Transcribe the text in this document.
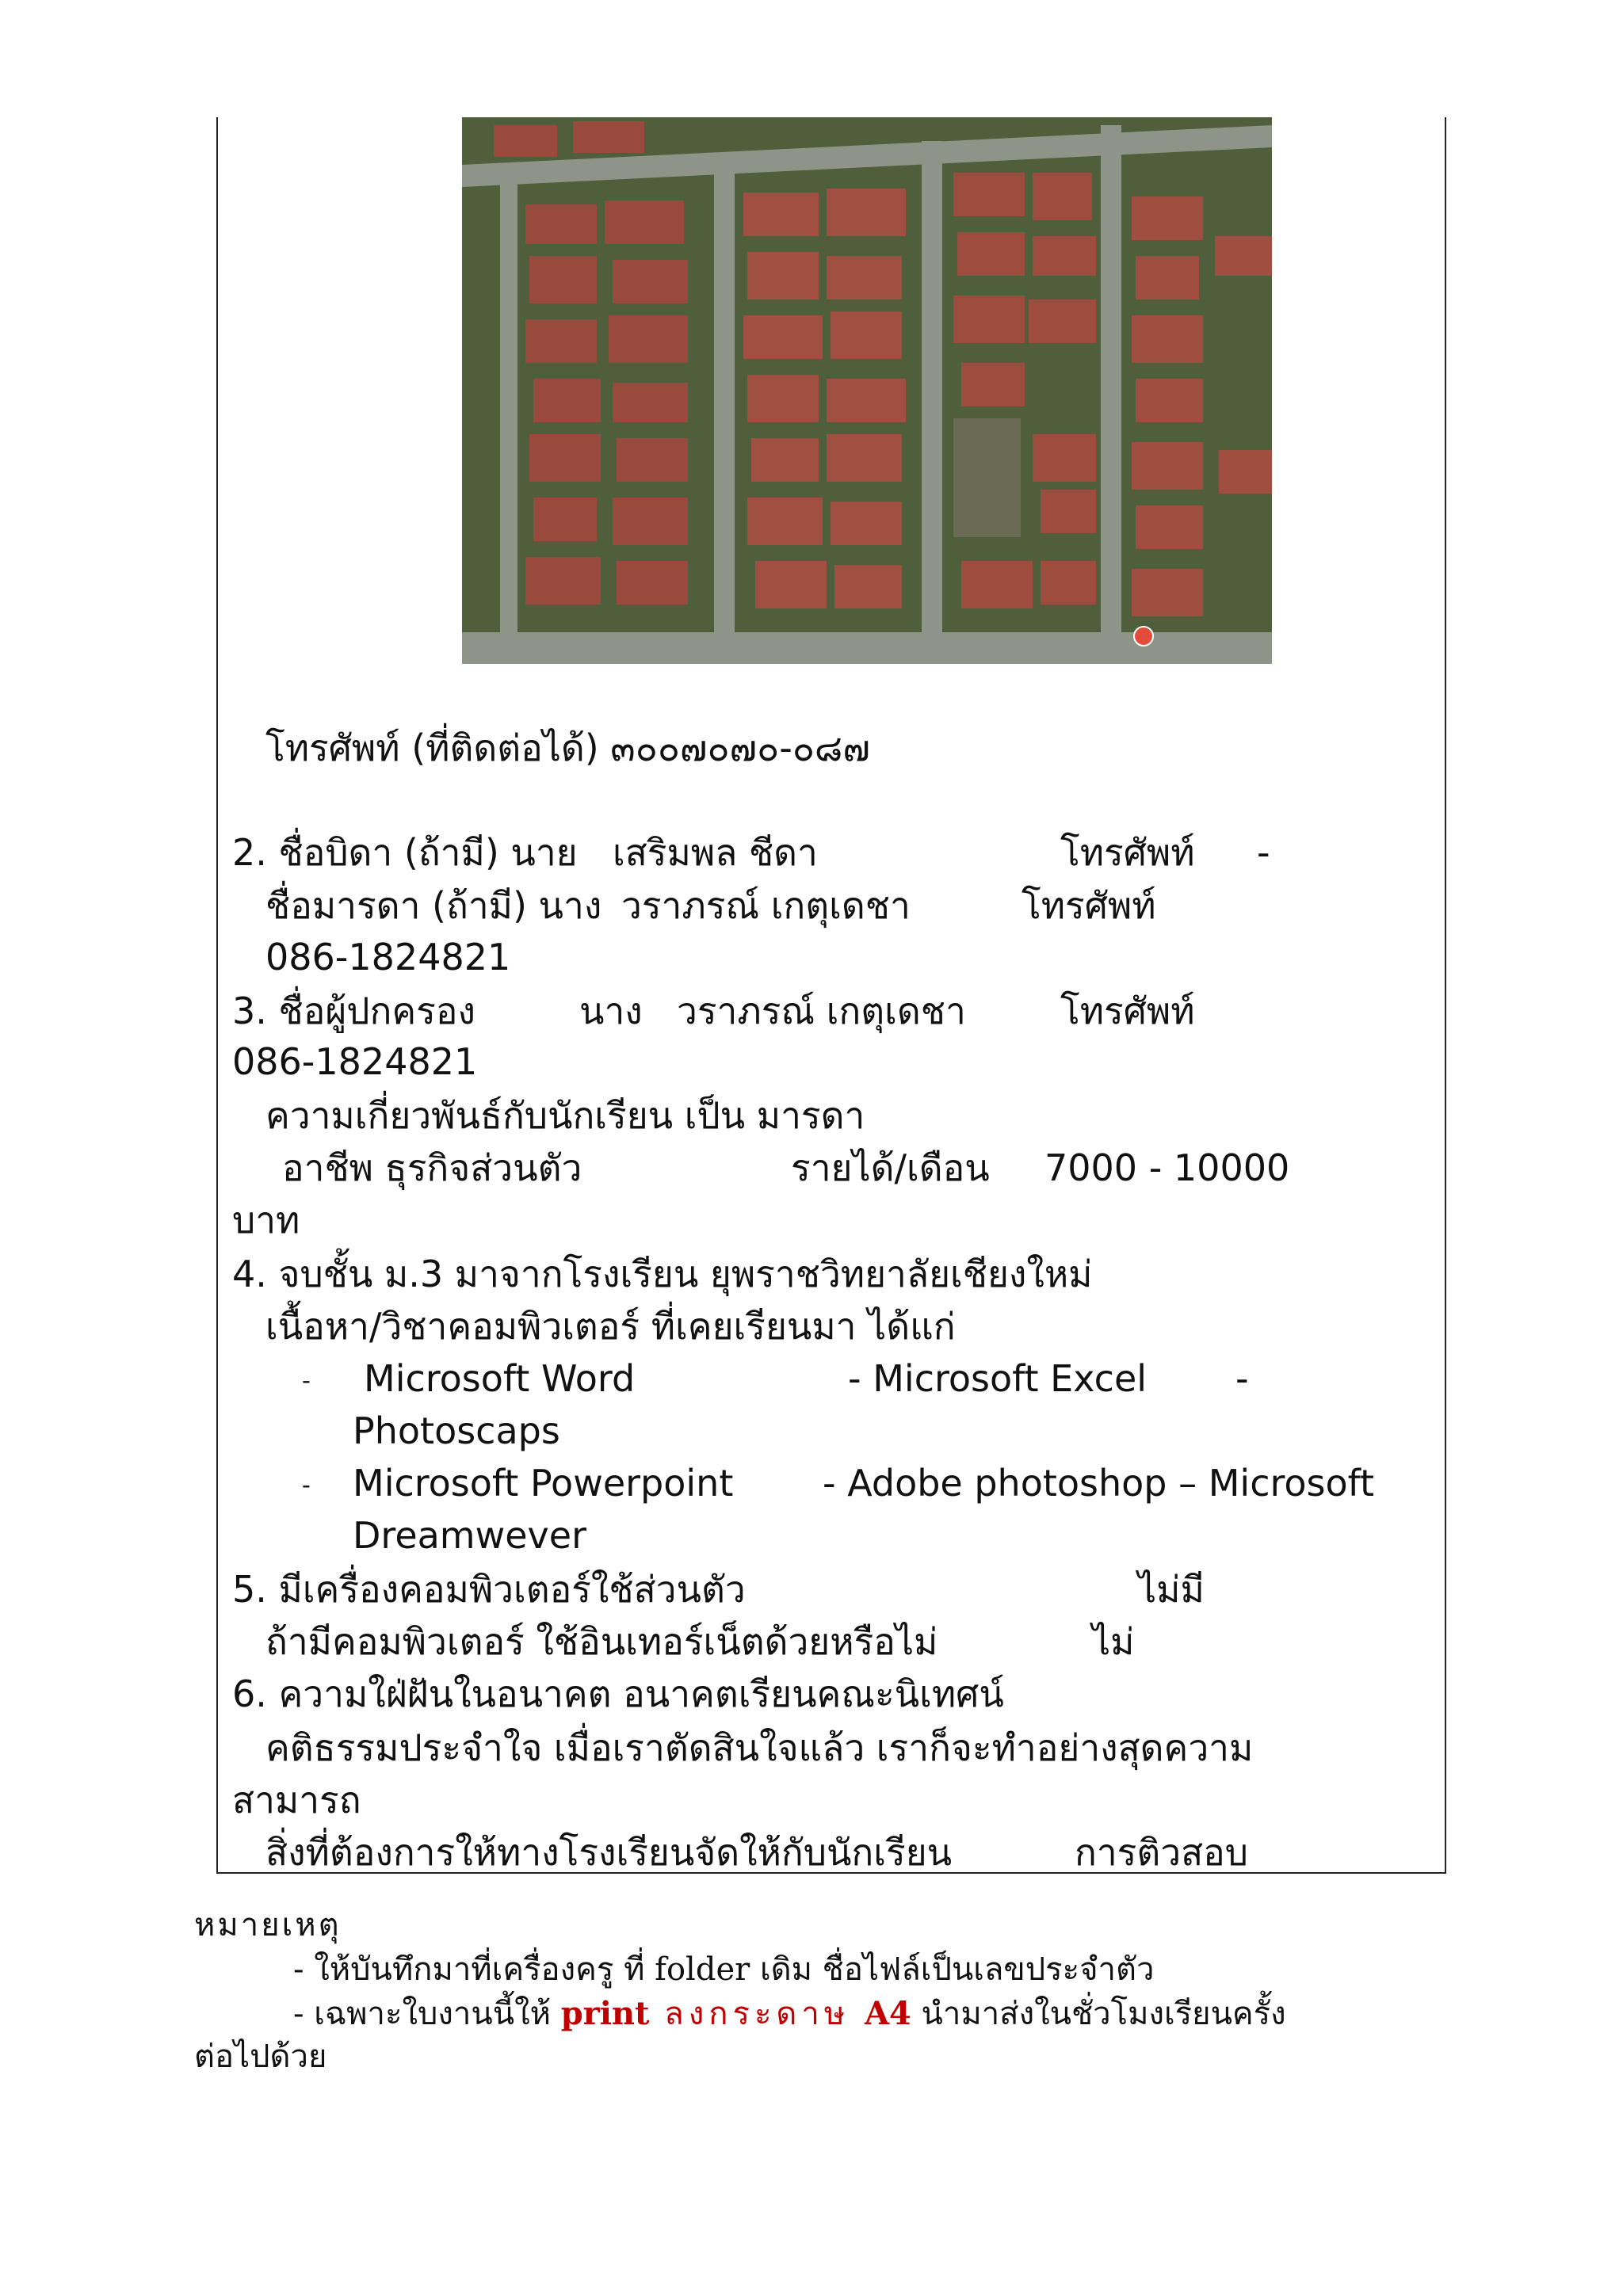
โทรศัพท์ (ที่ติดต่อได้) ๓๐๐๗๐๗๐-๐๘๗
2. ชื่อบิดา (ถ้ามี) นาย เสริมพล ชีดา	โทรศัพท์ -
ชื่อมารดา (ถ้ามี) นาง วราภรณ์ เกตุเดชา	โทรศัพท์
086-1824821
3. ชื่อผู้ปกครอง	นาง วราภรณ์ เกตุเดชา	โทรศัพท์
086-1824821
ความเกี่ยวพันธ์กับนักเรียน เป็น มารดา
อาชีพ ธุรกิจส่วนตัว	รายได้/เดือน 7000 - 10000
บาท
4. จบชั้น ม.3 มาจากโรงเรียน ยุพราชวิทยาลัยเชียงใหม่
เนื้อหา/วิชาคอมพิวเตอร์ ที่เคยเรียนมา ได้แก่
- Microsoft Word	- Microsoft Excel -
Photoscaps
- Microsoft Powerpoint - Adobe photoshop – Microsoft
Dreamwever
5. มีเครื่องคอมพิวเตอร์ใช้ส่วนตัว	ไม่มี
ถ้ามีคอมพิวเตอร์ ใช้อินเทอร์เน็ตด้วยหรือไม่	ไม่
6. ความใฝ่ฝันในอนาคต อนาคตเรียนคณะนิเทศน์
คติธรรมประจำใจ เมื่อเราตัดสินใจแล้ว เราก็จะทำอย่างสุดความ
สามารถ
สิ่งที่ต้องการให้ทางโรงเรียนจัดให้กับนักเรียน	การติวสอบ
หมายเหตุ
- ให้บันทึกมาที่เครื่องครู ที่ folder เดิม ชื่อไฟล์เป็นเลขประจำตัว
- เฉพาะใบงานนี้ให้ print ลงกระดาษ A4 นำมาส่งในชั่วโมงเรียนครั้ง
ต่อไปด้วย
